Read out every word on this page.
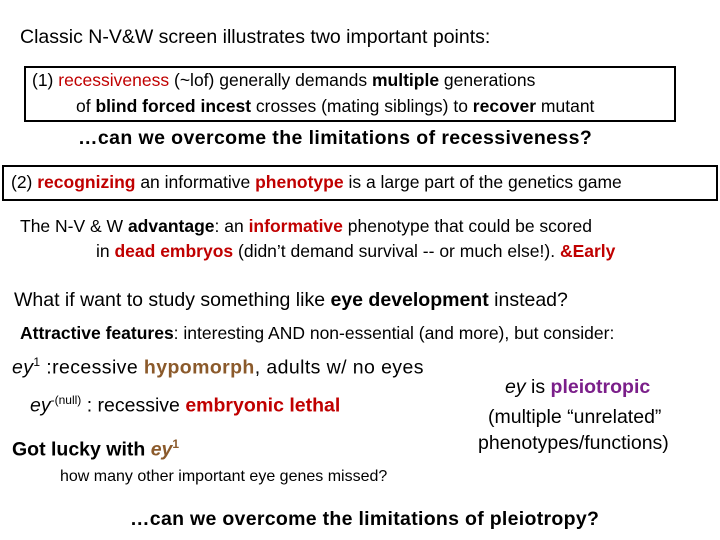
Classic N-V&W screen illustrates two important points:
(1) recessiveness (~lof) generally demands multiple generations
of blind forced incest crosses (mating siblings) to recover mutant
…can we overcome the limitations of recessiveness?
(2) recognizing an informative phenotype is a large part of the genetics game
The N-V & W advantage: an informative phenotype that could be scored
in dead embryos (didn’t demand survival -- or much else!). &Early
What if want to study something like eye development instead?
Attractive features: interesting AND non-essential (and more), but consider:
$ey^1$ :recessive hypomorph, adults w/ no eyes
$ey^{-(null)}$ : recessive embryonic lethal
ey is pleiotropic
(multiple “unrelated”
phenotypes/functions)
Got lucky with $ey^1$
how many other important eye genes missed?
…can we overcome the limitations of pleiotropy?
